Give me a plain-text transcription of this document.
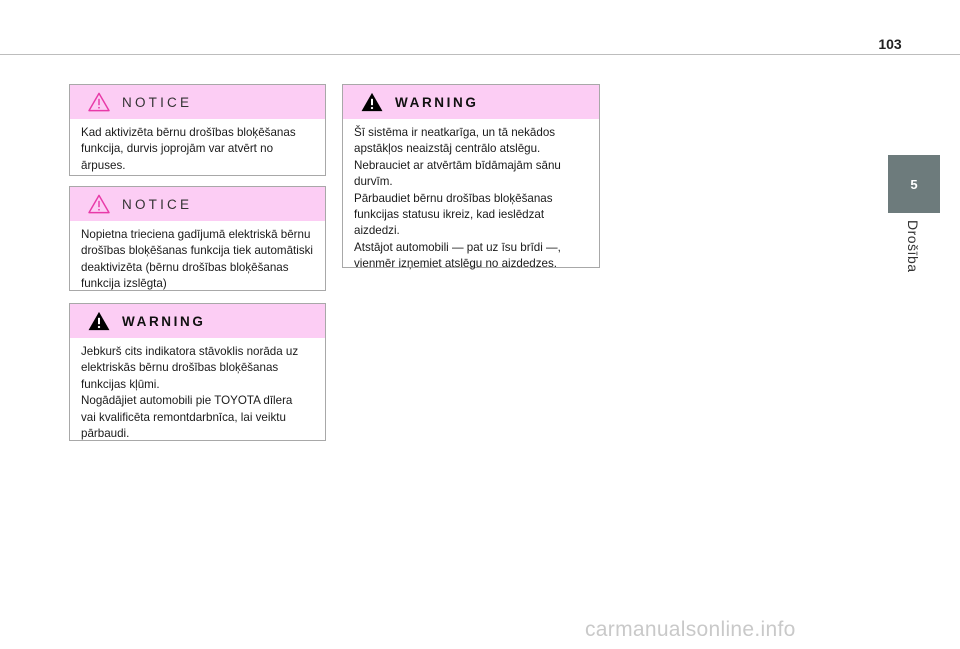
103
5
Drošība
NOTICE

Kad aktivizēta bērnu drošības bloķēšanas
funkcija, durvis joprojām var atvērt no
ārpuses.

NOTICE

Nopietna trieciena gadījumā elektriskā bērnu
drošības bloķēšanas funkcija tiek automātiski
deaktivizēta (bērnu drošības bloķēšanas
funkcija izslēgta)

WARNING

Jebkurš cits indikatora stāvoklis norāda uz
elektriskās bērnu drošības bloķēšanas
funkcijas kļūmi.
Nogādājiet automobili pie TOYOTA dīlera
vai kvalificēta remontdarbnīca, lai veiktu
pārbaudi.

WARNING

Šī sistēma ir neatkarīga, un tā nekādos
apstākļos neaizstāj centrālo atslēgu.
Nebrauciet ar atvērtām bīdāmajām sānu
durvīm.
Pārbaudiet bērnu drošības bloķēšanas
funkcijas statusu ikreiz, kad ieslēdzat
aizdedzi.
Atstājot automobili — pat uz īsu brīdi —,
vienmēr izņemiet atslēgu no aizdedzes.

carmanualsonline.info
